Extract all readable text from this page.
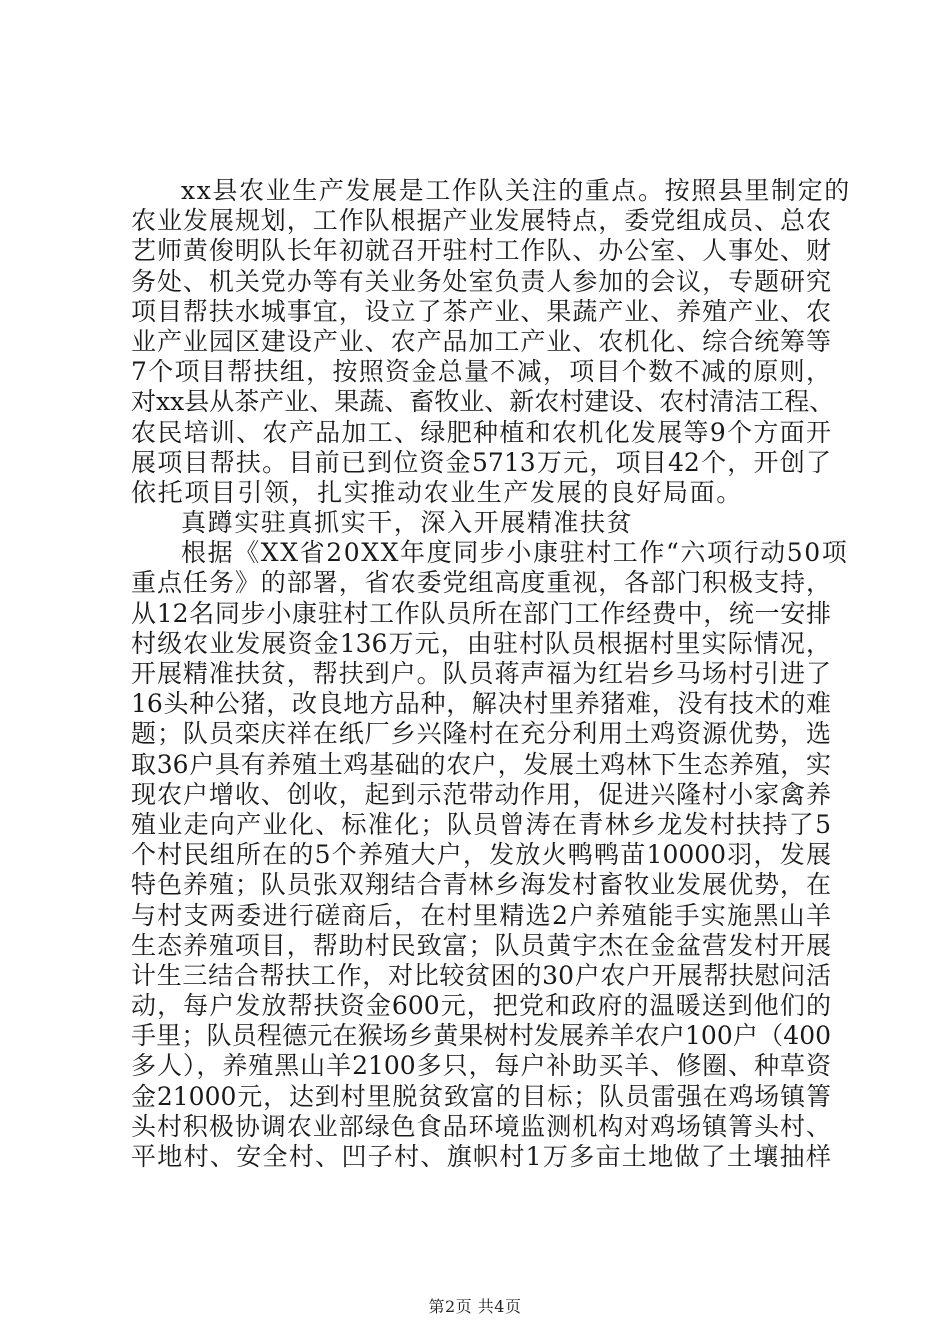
xx县农业生产发展是工作队关注的重点。按照县里制定的
农业发展规划，工作队根据产业发展特点，委党组成员、总农
艺师黄俊明队长年初就召开驻村工作队、办公室、人事处、财
务处、机关党办等有关业务处室负责人参加的会议，专题研究
项目帮扶水城事宜，设立了茶产业、果蔬产业、养殖产业、农
业产业园区建设产业、农产品加工产业、农机化、综合统筹等
7个项目帮扶组，按照资金总量不减，项目个数不减的原则，
对xx县从茶产业、果蔬、畜牧业、新农村建设、农村清洁工程、
农民培训、农产品加工、绿肥种植和农机化发展等9个方面开
展项目帮扶。目前已到位资金5713万元，项目42个，开创了
依托项目引领，扎实推动农业生产发展的良好局面。
真蹲实驻真抓实干，深入开展精准扶贫
根据《XX省20XX年度同步小康驻村工作“六项行动50项
重点任务》的部署，省农委党组高度重视，各部门积极支持，
从12名同步小康驻村工作队员所在部门工作经费中，统一安排
村级农业发展资金136万元，由驻村队员根据村里实际情况，
开展精准扶贫，帮扶到户。队员蒋声福为红岩乡马场村引进了
16头种公猪，改良地方品种，解决村里养猪难，没有技术的难
题；队员栾庆祥在纸厂乡兴隆村在充分利用土鸡资源优势，选
取36户具有养殖土鸡基础的农户，发展土鸡林下生态养殖，实
现农户增收、创收，起到示范带动作用，促进兴隆村小家禽养
殖业走向产业化、标准化；队员曾涛在青林乡龙发村扶持了5
个村民组所在的5个养殖大户，发放火鸭鸭苗10000羽，发展
特色养殖；队员张双翔结合青林乡海发村畜牧业发展优势，在
与村支两委进行磋商后，在村里精选2户养殖能手实施黑山羊
生态养殖项目，帮助村民致富；队员黄宇杰在金盆营发村开展
计生三结合帮扶工作，对比较贫困的30户农户开展帮扶慰问活
动，每户发放帮扶资金600元，把党和政府的温暖送到他们的
手里；队员程德元在猴场乡黄果树村发展养羊农户100户（400
多人），养殖黑山羊2100多只，每户补助买羊、修圈、种草资
金21000元，达到村里脱贫致富的目标；队员雷强在鸡场镇箐
头村积极协调农业部绿色食品环境监测机构对鸡场镇箐头村、
平地村、安全村、凹子村、旗帜村1万多亩土地做了土壤抽样
第2页 共4页
